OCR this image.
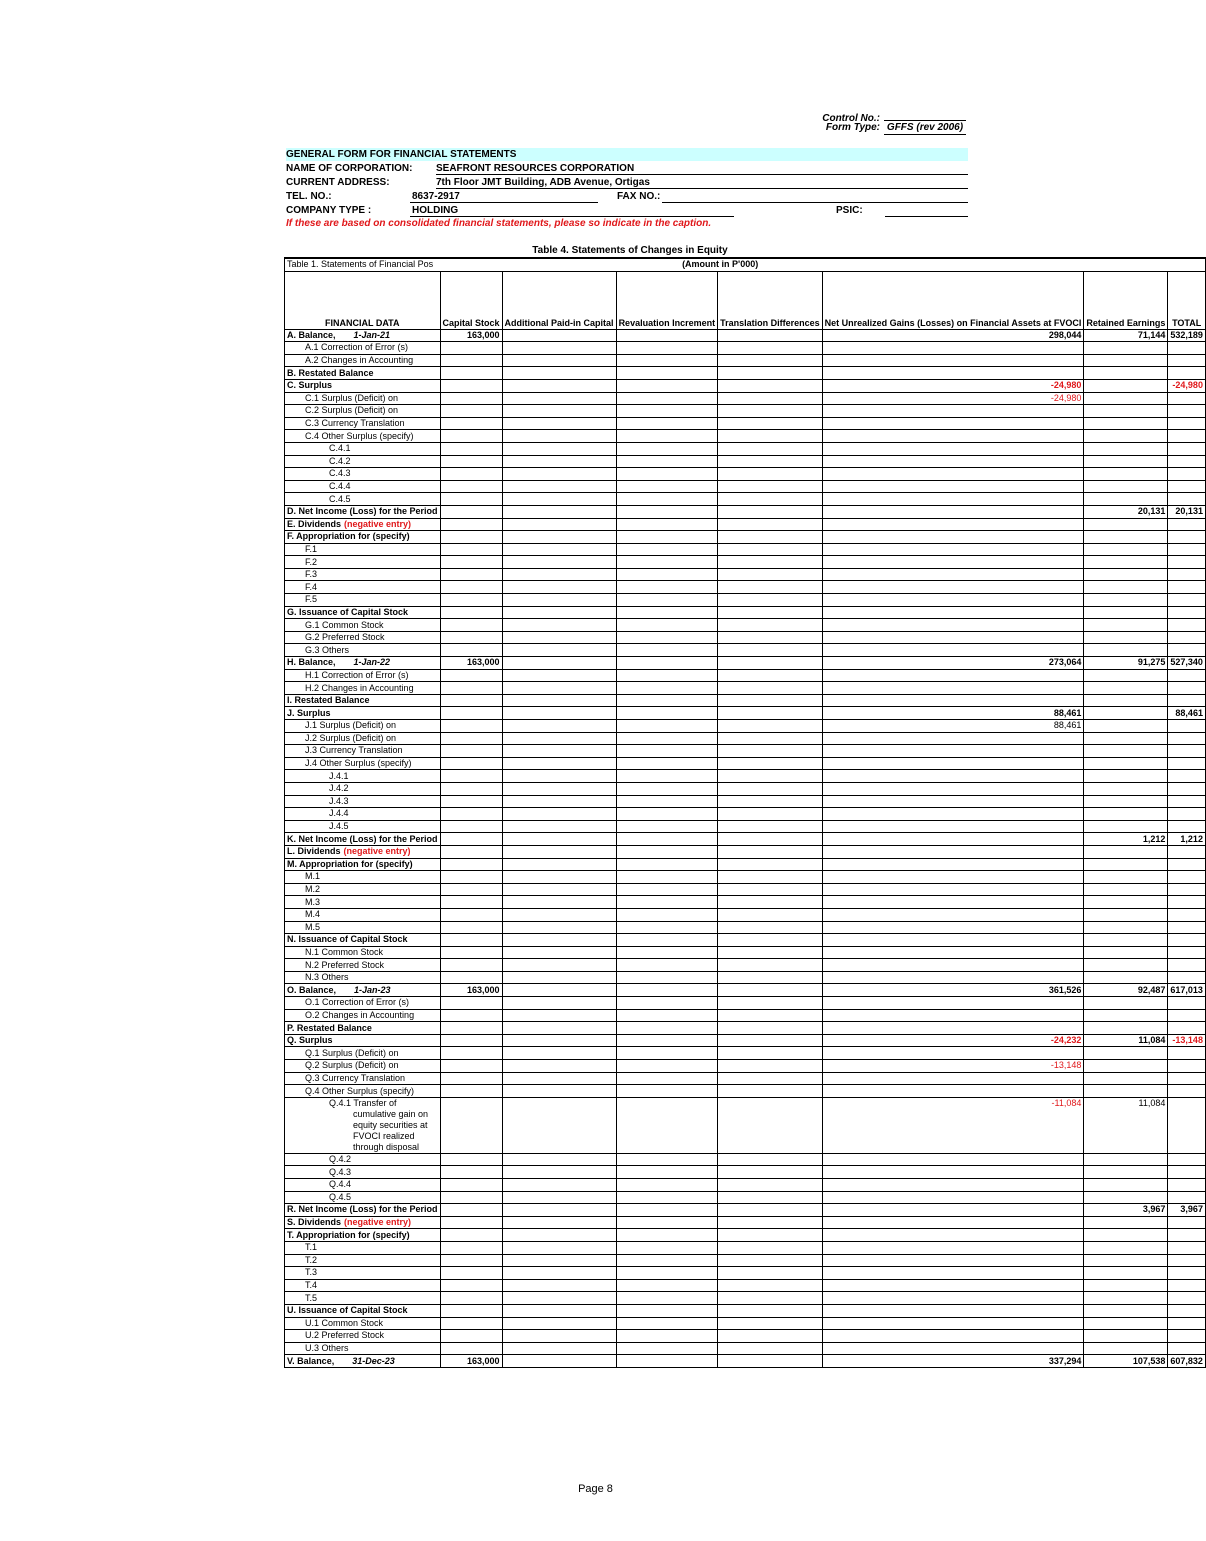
Control No.:
Form Type: GFFS (rev 2006)
GENERAL FORM FOR FINANCIAL STATEMENTS
NAME OF CORPORATION: SEAFRONT RESOURCES CORPORATION
CURRENT ADDRESS:	7th Floor JMT Building, ADB Avenue, Ortigas
TEL. NO.:	8637-2917	FAX NO.:
COMPANY TYPE :	HOLDING	PSIC:
If these are based on consolidated financial statements, please so indicate in the caption.
Table 4. Statements of Changes in Equity
Table 1. Statements of Financial Pos			(Amount in P'000)				
FINANCIAL DATA	Capital Stock	Additional Paid-in Capital	Revaluation Increment	Translation Differences	Net Unrealized Gains (Losses) on Financial Assets at FVOCI	Retained Earnings	TOTAL
A. Balance, 1-Jan-21	163,000				298,044	71,144	532,189
A.1 Correction of Error (s)							
A.2 Changes in Accounting							
B. Restated Balance							
C. Surplus					-24,980		-24,980
C.1 Surplus (Deficit) on					-24,980		
C.2 Surplus (Deficit) on							
C.3 Currency Translation							
C.4 Other Surplus (specify)							
C.4.1							
C.4.2							
C.4.3							
C.4.4							
C.4.5							
D. Net Income (Loss) for the Period						20,131	20,131
E. Dividends (negative entry)							
F. Appropriation for (specify)							
F.1							
F.2							
F.3							
F.4							
F.5							
G. Issuance of Capital Stock							
G.1 Common Stock							
G.2 Preferred Stock							
G.3 Others							
H. Balance, 1-Jan-22	163,000				273,064	91,275	527,340
H.1 Correction of Error (s)							
H.2 Changes in Accounting							
I. Restated Balance							
J. Surplus					88,461		88,461
J.1 Surplus (Deficit) on					88,461		
J.2 Surplus (Deficit) on							
J.3 Currency Translation							
J.4 Other Surplus (specify)							
J.4.1							
J.4.2							
J.4.3							
J.4.4							
J.4.5							
K. Net Income (Loss) for the Period						1,212	1,212
L. Dividends (negative entry)							
M. Appropriation for (specify)							
M.1							
M.2							
M.3							
M.4							
M.5							
N. Issuance of Capital Stock							
N.1 Common Stock							
N.2 Preferred Stock							
N.3 Others							
O. Balance, 1-Jan-23	163,000				361,526	92,487	617,013
O.1 Correction of Error (s)							
O.2 Changes in Accounting							
P. Restated Balance							
Q. Surplus					-24,232	11,084	-13,148
Q.1 Surplus (Deficit) on							
Q.2 Surplus (Deficit) on					-13,148		
Q.3 Currency Translation							
Q.4 Other Surplus (specify)							
Q.4.1 Transfer of
cumulative gain on
equity securities at
FVOCI realized
through disposal					-11,084	11,084	
Q.4.2							
Q.4.3							
Q.4.4							
Q.4.5							
R. Net Income (Loss) for the Period						3,967	3,967
S. Dividends (negative entry)							
T. Appropriation for (specify)							
T.1							
T.2							
T.3							
T.4							
T.5							
U. Issuance of Capital Stock							
U.1 Common Stock							
U.2 Preferred Stock							
U.3 Others							
V. Balance, 31-Dec-23	163,000				337,294	107,538	607,832
Page 8
